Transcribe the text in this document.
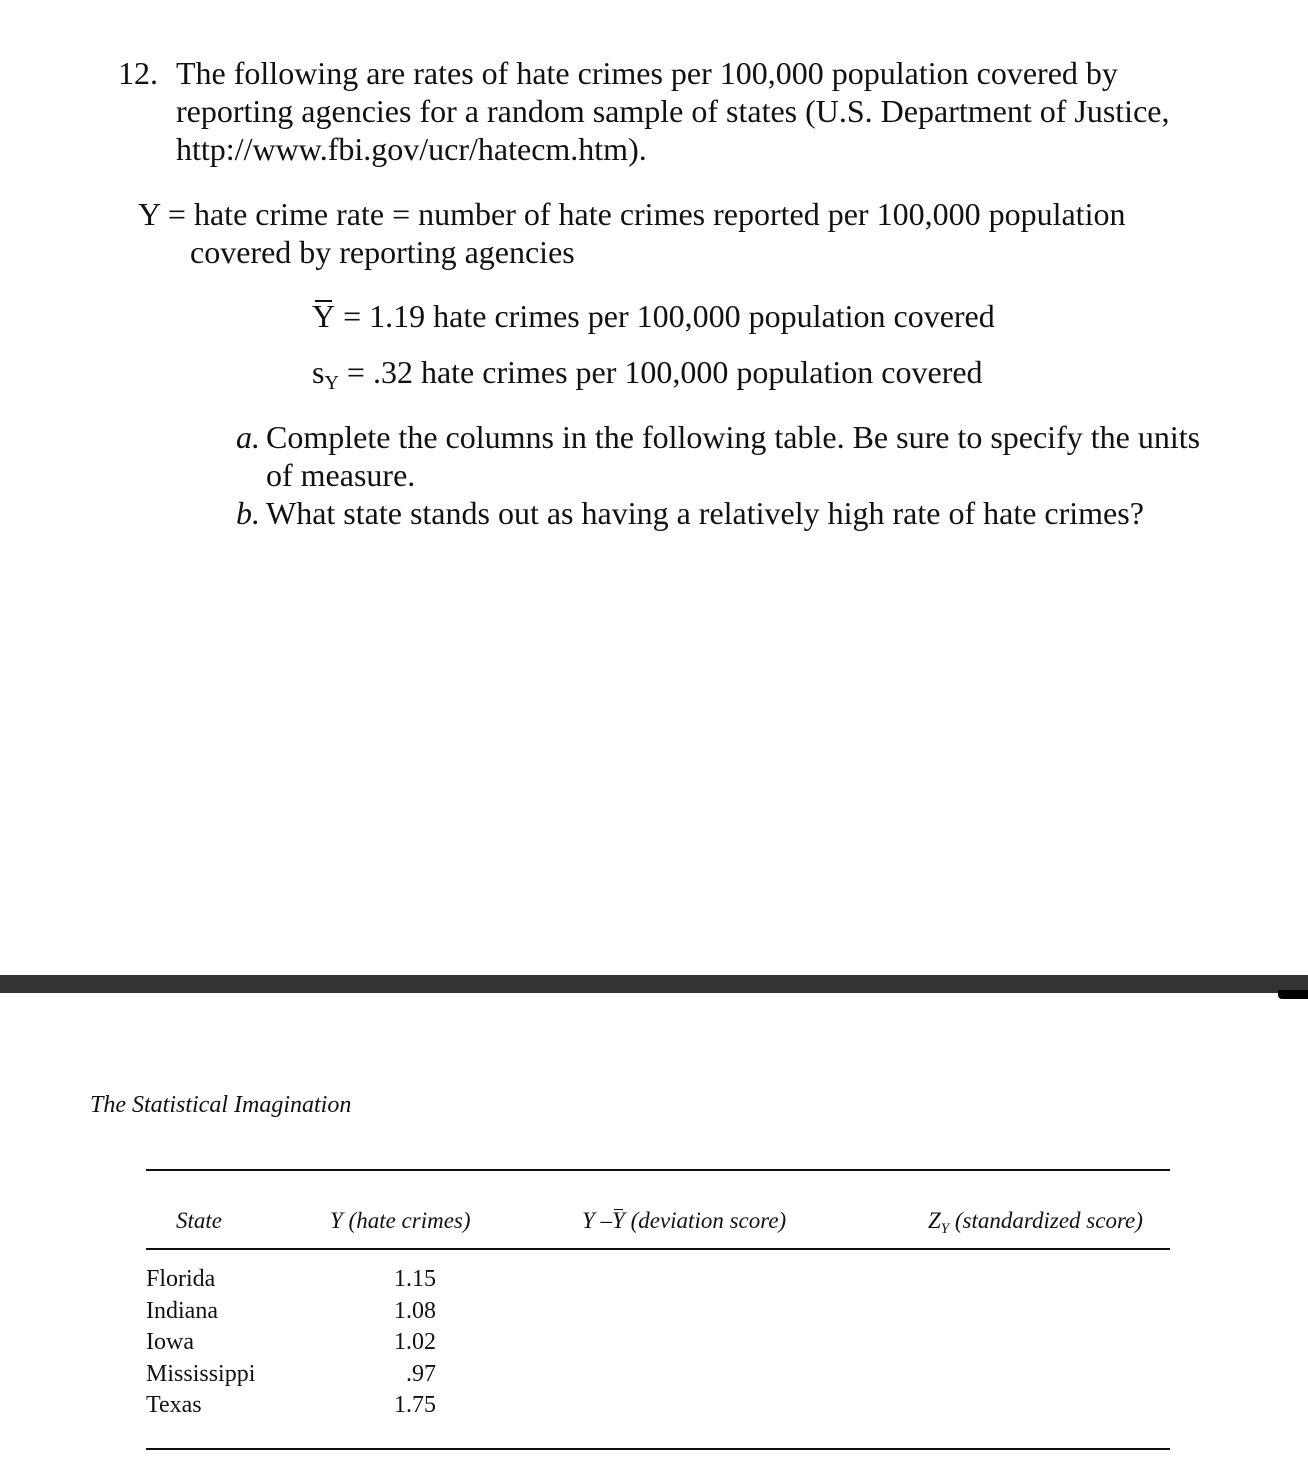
12. The following are rates of hate crimes per 100,000 population covered by reporting agencies for a random sample of states (U.S. Department of Justice, http://www.fbi.gov/ucr/hatecm.htm).
Y = hate crime rate = number of hate crimes reported per 100,000 population
covered by reporting agencies
Y = 1.19 hate crimes per 100,000 population covered
sY = .32 hate crimes per 100,000 population covered
a. Complete the columns in the following table. Be sure to specify the units of measure.
b. What state stands out as having a relatively high rate of hate crimes?
The Statistical Imagination
State	Y (hate crimes)	Y –Y (deviation score)	$Z_Y$ (standardized score)
Florida	1.15
Indiana	1.08
Iowa	1.02
Mississippi	.97
Texas	1.75
